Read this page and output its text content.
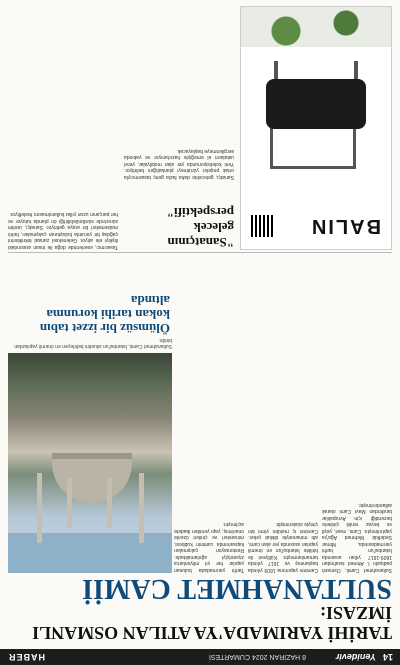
14
Yenidevir
8 HAZİRAN 2024 CUMARTESİ
HABER
TARİHİ YARIMADA'YA ATILAN OSMANLI İMZASI:
SULTANAHMET CAMİİ

Sultanahmet Camii, Osmanlı padişahı I. Ahmed tarafından 1609-1617 yılları arasında İstanbul'un tarihi yarımadasında, Mimar Sedefkâr Mehmed Ağa'ya yaptırılmıştır. Cami, mavi, yeşil ve beyaz renkli çinilerle bezendiği için Avrupalılar tarafından Mavi Cami olarak adlandırılmıştır.

Caminin yapımına 1609 yılında başlanmış ve 1617 yılında tamamlanmıştır. Külliyesi ile birlikte İstanbul'un en önemli yapıları arasında yer alan cami, altı minaresiyle dikkat çeker. Caminin iç mekânı yirmi bin çiniyle süslenmiştir.

Tarihi yarımadada bulunan yapılar her yıl milyonlarca ziyaretçiyi ağırlamaktadır. Restorasyon çalışmaları kapsamında caminin kubbesi, minareleri ve çinileri özenle onarılmış, yapı yeniden ibadete açılmıştır.

Sultanahmet Camii, İstanbul'un siluetini belirleyen en önemli yapılardan biridir.
Ölümsüz bir izzet tabın kokan tarihi korunma altında
BALIN
"Sanatçının gelecek perspektifi"
Sanatçı, gelecekte daha fazla genç tasarımcıyla ortak projeler yürütmeyi planladığını belirtiyor. Yeni koleksiyonunda yer alan mobilyalar, yerel ustaların el emeğiyle hazırlanıyor ve yakında sergilenmeye başlayacak.
Tasarımcı, eserlerinde doğa ile insan arasındaki ilişkiyi ele alıyor. Geleneksel zanaat tekniklerini çağdaş bir yorumla buluşturan çalışmaları, farklı malzemeleri bir araya getiriyor. Sanatçı, üretim sürecinde sürdürülebilirliği ön planda tutuyor ve her parçanın uzun yıllar kullanılmasını hedefliyor.
